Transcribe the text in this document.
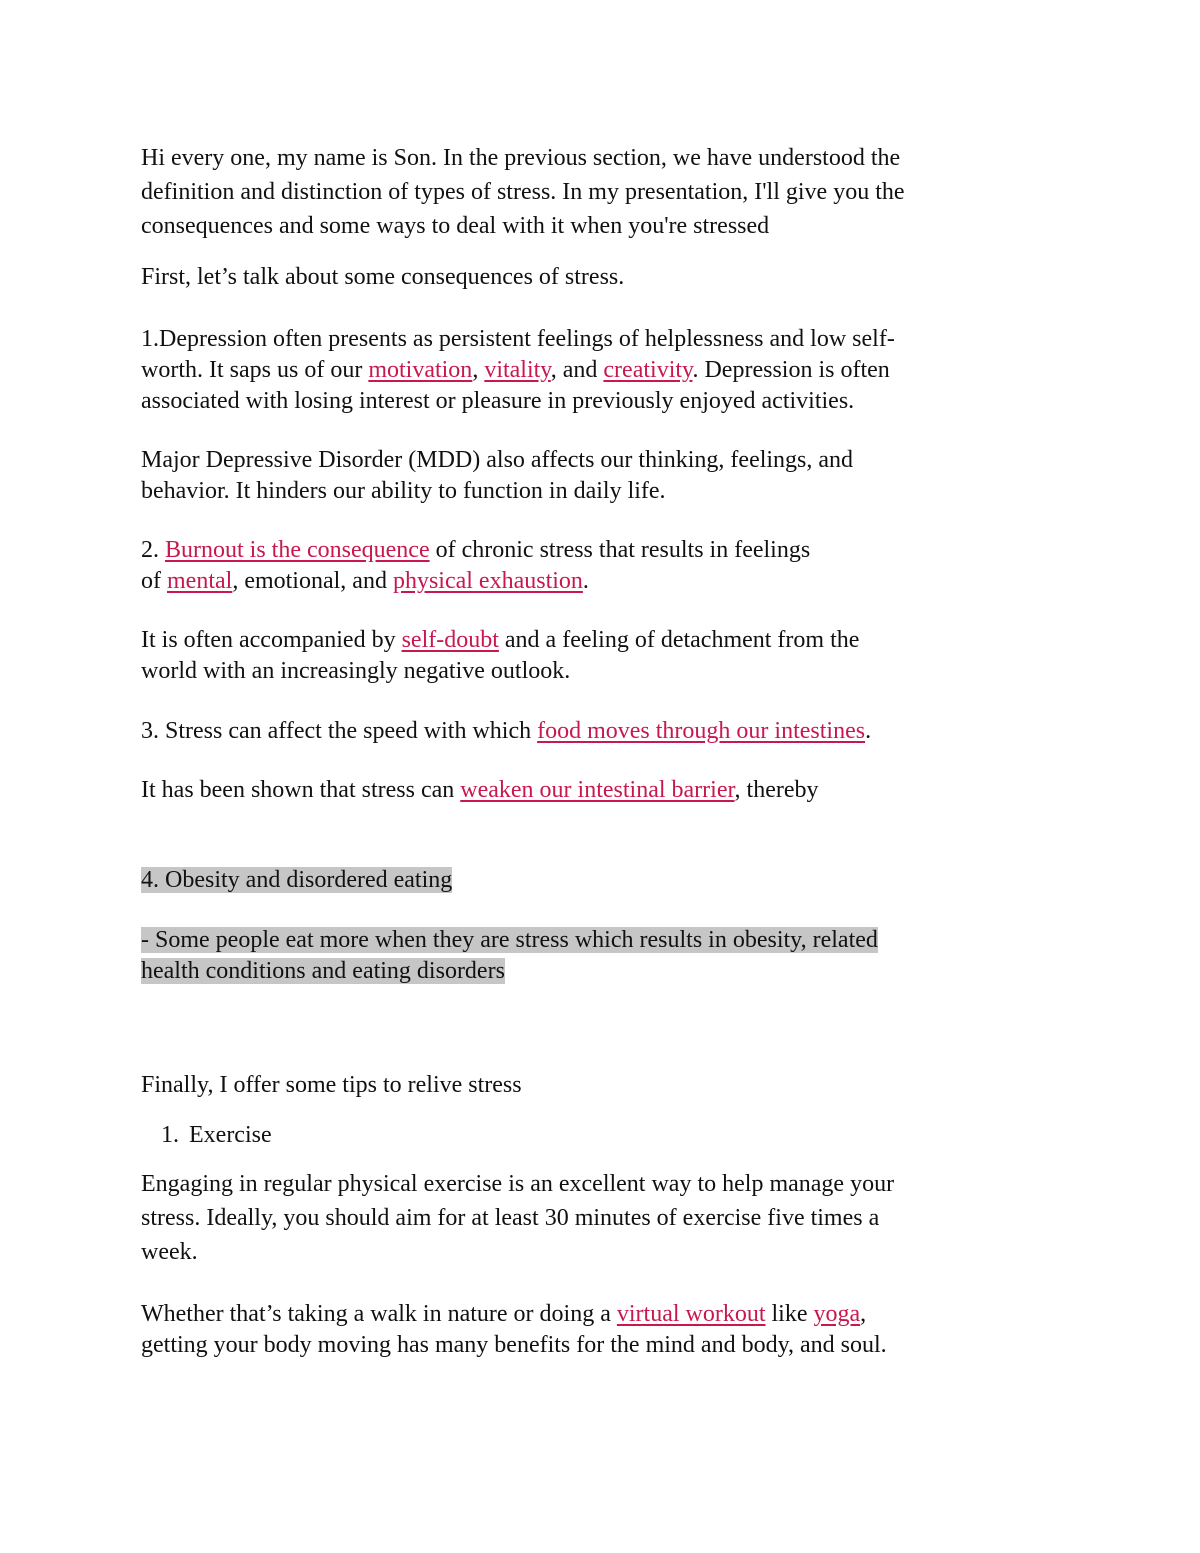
Hi every one, my name is Son. In the previous section, we have understood the

definition and distinction of types of stress. In my presentation, I'll give you the

consequences and some ways to deal with it when you're stressed

First, let’s talk about some consequences of stress.

1.Depression often presents as persistent feelings of helplessness and low self-

worth. It saps us of our motivation, vitality, and creativity. Depression is often

associated with losing interest or pleasure in previously enjoyed activities.

Major Depressive Disorder (MDD) also affects our thinking, feelings, and

behavior. It hinders our ability to function in daily life.

2. Burnout is the consequence of chronic stress that results in feelings

of mental, emotional, and physical exhaustion.

It is often accompanied by self-doubt and a feeling of detachment from the

world with an increasingly negative outlook.

3. Stress can affect the speed with which food moves through our intestines.

It has been shown that stress can weaken our intestinal barrier, thereby

4. Obesity and disordered eating

- Some people eat more when they are stress which results in obesity, related

health conditions and eating disorders

Finally, I offer some tips to relive stress

1. Exercise

Engaging in regular physical exercise is an excellent way to help manage your

stress. Ideally, you should aim for at least 30 minutes of exercise five times a

week.

Whether that’s taking a walk in nature or doing a virtual workout like yoga,

getting your body moving has many benefits for the mind and body, and soul.
